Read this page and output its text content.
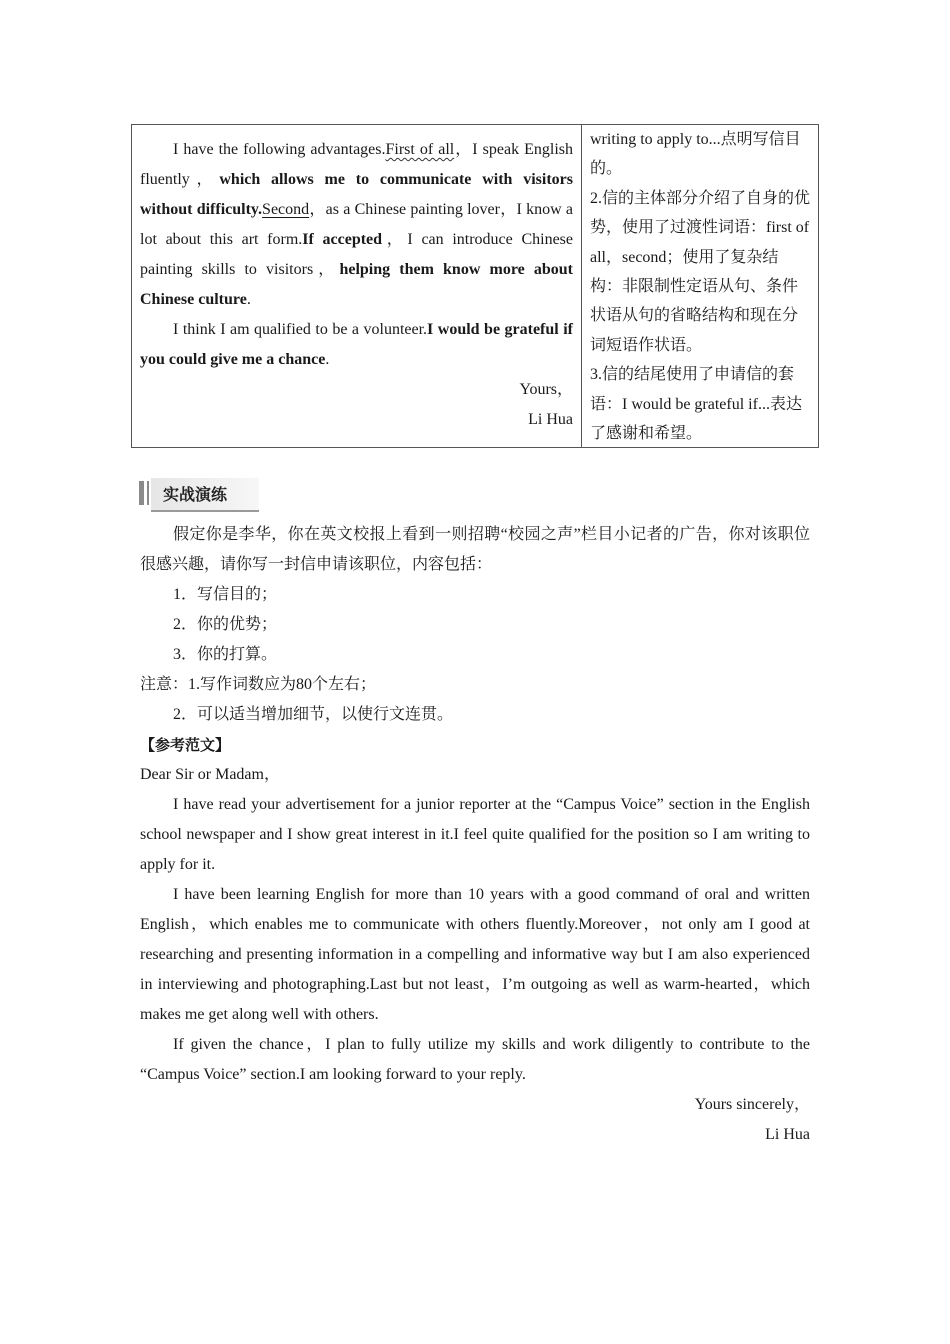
I have the following advantages.First of all，I speak English fluently，which allows me to communicate with visitors without difficulty.Second，as a Chinese painting lover，I know a lot about this art form.If accepted，I can introduce Chinese painting skills to visitors，helping them know more about Chinese culture.

I think I am qualified to be a volunteer.I would be grateful if you could give me a chance.

Yours，

Li Hua

writing to apply to...点明写信目的。

2.信的主体部分介绍了自身的优势，使用了过渡性词语：first of all，second；使用了复杂结构：非限制性定语从句、条件状语从句的省略结构和现在分词短语作状语。

3.信的结尾使用了申请信的套语：I would be grateful if...表达了感谢和希望。

实战演练

假定你是李华，你在英文校报上看到一则招聘“校园之声”栏目小记者的广告，你对该职位很感兴趣，请你写一封信申请该职位，内容包括：

1．写信目的；

2．你的优势；

3．你的打算。

注意：1.写作词数应为80个左右；

2．可以适当增加细节，以使行文连贯。

【参考范文】

Dear Sir or Madam，

I have read your advertisement for a junior reporter at the “Campus Voice” section in the English school newspaper and I show great interest in it.I feel quite qualified for the position so I am writing to apply for it.

I have been learning English for more than 10 years with a good command of oral and written English，which enables me to communicate with others fluently.Moreover，not only am I good at researching and presenting information in a compelling and informative way but I am also experienced in interviewing and photographing.Last but not least，I’m outgoing as well as warm-hearted，which makes me get along well with others.

If given the chance，I plan to fully utilize my skills and work diligently to contribute to the “Campus Voice” section.I am looking forward to your reply.

Yours sincerely，

Li Hua
